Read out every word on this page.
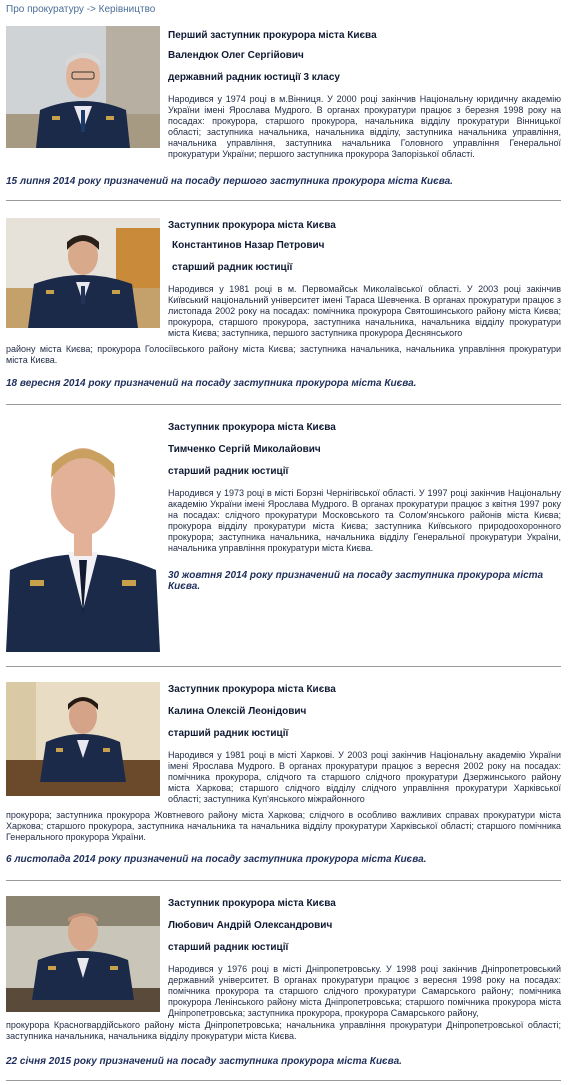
Про прокуратуру -> Керівництво

Перший заступник прокурора міста Києва

Валендюк Олег Сергійович

державний радник юстиції 3 класу

Народився у 1974 році в м.Вінниця. У 2000 році закінчив Національну юридичну академію України імені Ярослава Мудрого. В органах прокуратури працює з березня 1998 року на посадах: прокурора, старшого прокурора, начальника відділу прокуратури Вінницької області; заступника начальника, начальника відділу, заступника начальника управління, начальника управління, заступника начальника Головного управління Генеральної прокуратури України; першого заступника прокурора Запорізької області.
15 липня 2014 року призначений на посаду першого заступника прокурора міста Києва.

Заступник прокурора міста Києва

Константинов Назар Петрович

старший радник юстиції

Народився у 1981 році в м. Первомайськ Миколаївської області. У 2003 році закінчив Київський національний університет імені Тараса Шевченка. В органах прокуратури працює з листопада 2002 року на посадах: помічника прокурора Святошинського району міста Києва; прокурора, старшого прокурора, заступника начальника, начальника відділу прокуратури міста Києва; заступника, першого заступника прокурора Деснянського
району міста Києва; прокурора Голосіївського району міста Києва; заступника начальника, начальника управління прокуратури міста Києва.
18 вересня 2014 року призначений на посаду заступника прокурора міста Києва.

Заступник прокурора міста Києва

Тимченко Сергій Миколайович

старший радник юстиції

Народився у 1973 році в місті Борзні Чернігівської області. У 1997 році закінчив Національну академію України імені Ярослава Мудрого. В органах прокуратури працює з квітня 1997 року на посадах: слідчого прокуратури Московського та Солом'янського районів міста Києва; прокурора відділу прокуратури міста Києва; заступника Київського природоохоронного прокурора; заступника начальника, начальника відділу Генеральної прокуратури України, начальника управління прокуратури міста Києва.
30 жовтня 2014 року призначений на посаду заступника прокурора міста Києва.

Заступник прокурора міста Києва

Калина Олексій Леонідович

старший радник юстиції

Народився у 1981 році в місті Харкові. У 2003 році закінчив Національну академію України імені Ярослава Мудрого. В органах прокуратури працює з вересня 2002 року на посадах: помічника прокурора, слідчого та старшого слідчого прокуратури Дзержинського району міста Харкова; старшого слідчого відділу слідчого управління прокуратури Харківської області; заступника Куп'янського міжрайонного
прокурора; заступника прокурора Жовтневого району міста Харкова; слідчого в особливо важливих справах прокуратури міста Харкова; старшого прокурора, заступника начальника та начальника відділу прокуратури Харківської області; старшого помічника Генерального прокурора України.
6 листопада 2014 року призначений на посаду заступника прокурора міста Києва.

Заступник прокурора міста Києва

Любович Андрій Олександрович

старший радник юстиції

Народився у 1976 році в місті Дніпропетровську. У 1998 році закінчив Дніпропетровський державний університет. В органах прокуратури працює з вересня 1998 року на посадах: помічника прокурора та старшого слідчого прокуратури Самарського району; помічника прокурора Ленінського району міста Дніпропетровська; старшого помічника прокурора міста Дніпропетровська; заступника прокурора, прокурора Самарського району,
прокурора Красногвардійського району міста Дніпропетровська; начальника управління прокуратури Дніпропетровської області; заступника начальника, начальника відділу прокуратури міста Києва.
22 січня 2015 року призначений на посаду заступника прокурора міста Києва.
